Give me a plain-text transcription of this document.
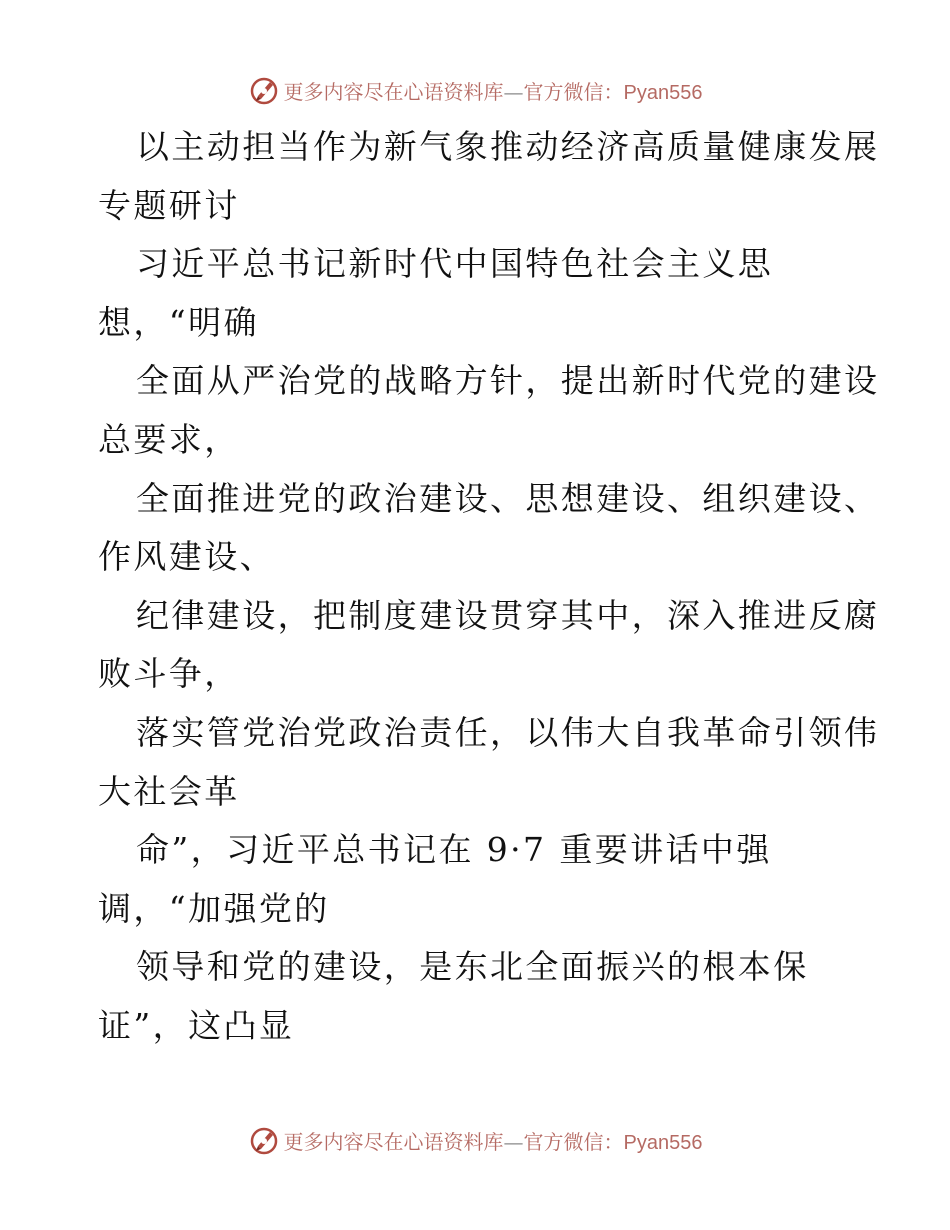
更多内容尽在心语资料库—官方微信：Pyan556
以主动担当作为新气象推动经济高质量健康发展
专题研讨
习近平总书记新时代中国特色社会主义思
想，“明确
全面从严治党的战略方针，提出新时代党的建设
总要求，
全面推进党的政治建设、思想建设、组织建设、
作风建设、
纪律建设，把制度建设贯穿其中，深入推进反腐
败斗争，
落实管党治党政治责任，以伟大自我革命引领伟
大社会革
命”，习近平总书记在 9·7 重要讲话中强
调，“加强党的
领导和党的建设，是东北全面振兴的根本保
证”，这凸显
更多内容尽在心语资料库—官方微信：Pyan556
